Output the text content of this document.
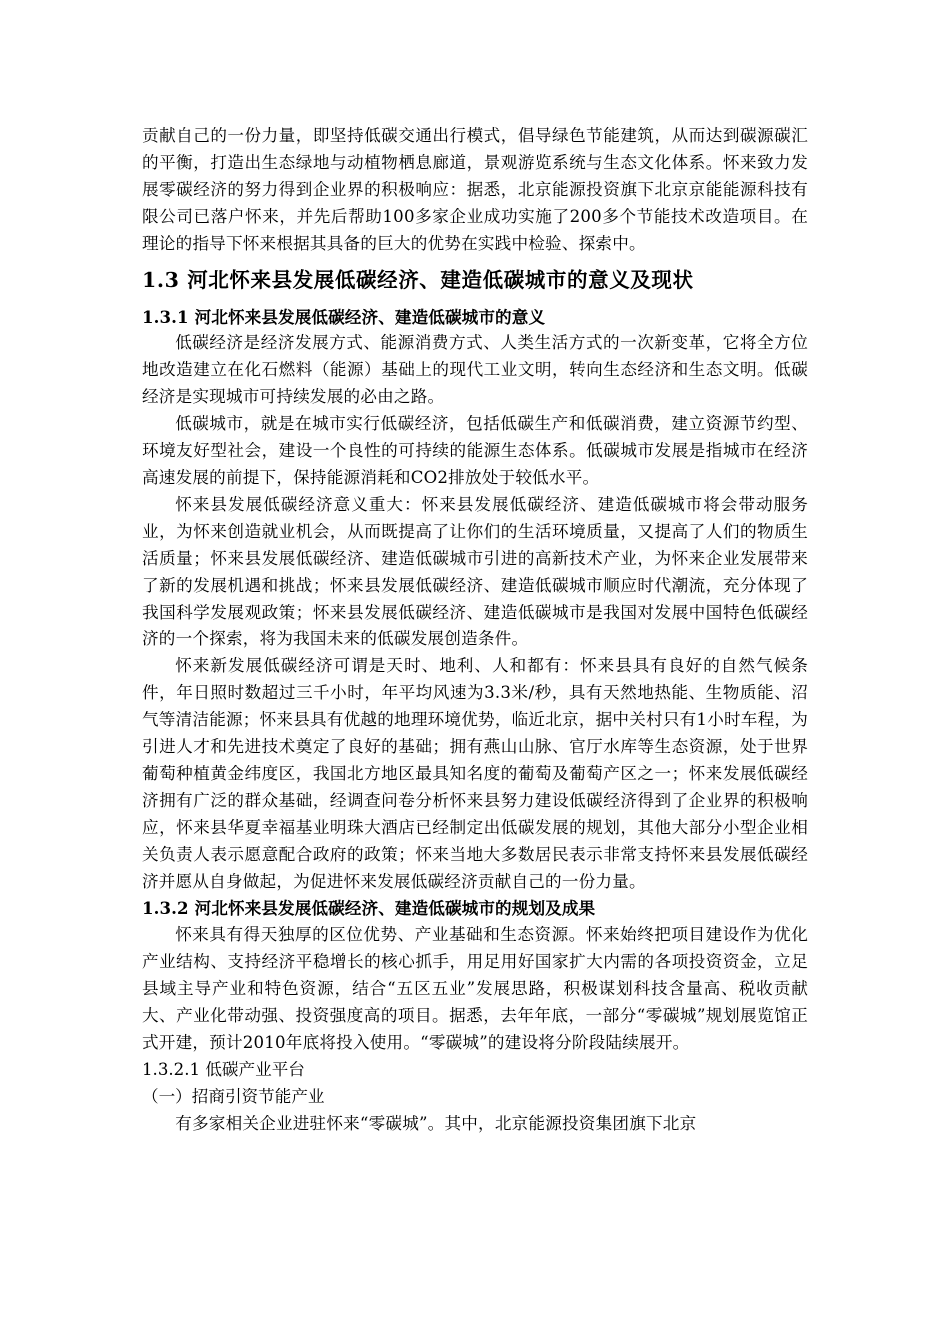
贡献自己的一份力量，即坚持低碳交通出行模式，倡导绿色节能建筑，从而达到碳源碳汇的平衡，打造出生态绿地与动植物栖息廊道，景观游览系统与生态文化体系。怀来致力发展零碳经济的努力得到企业界的积极响应：据悉，北京能源投资旗下北京京能能源科技有限公司已落户怀来，并先后帮助100多家企业成功实施了200多个节能技术改造项目。在理论的指导下怀来根据其具备的巨大的优势在实践中检验、探索中。

1.3 河北怀来县发展低碳经济、建造低碳城市的意义及现状
1.3.1 河北怀来县发展低碳经济、建造低碳城市的意义

低碳经济是经济发展方式、能源消费方式、人类生活方式的一次新变革，它将全方位地改造建立在化石燃料（能源）基础上的现代工业文明，转向生态经济和生态文明。低碳经济是实现城市可持续发展的必由之路。

低碳城市，就是在城市实行低碳经济，包括低碳生产和低碳消费，建立资源节约型、环境友好型社会，建设一个良性的可持续的能源生态体系。低碳城市发展是指城市在经济高速发展的前提下，保持能源消耗和CO2排放处于较低水平。

怀来县发展低碳经济意义重大：怀来县发展低碳经济、建造低碳城市将会带动服务业，为怀来创造就业机会，从而既提高了让你们的生活环境质量，又提高了人们的物质生活质量；怀来县发展低碳经济、建造低碳城市引进的高新技术产业，为怀来企业发展带来了新的发展机遇和挑战；怀来县发展低碳经济、建造低碳城市顺应时代潮流，充分体现了我国科学发展观政策；怀来县发展低碳经济、建造低碳城市是我国对发展中国特色低碳经济的一个探索，将为我国未来的低碳发展创造条件。

怀来新发展低碳经济可谓是天时、地利、人和都有：怀来县具有良好的自然气候条件，年日照时数超过三千小时，年平均风速为3.3米/秒，具有天然地热能、生物质能、沼气等清洁能源；怀来县具有优越的地理环境优势，临近北京，据中关村只有1小时车程，为引进人才和先进技术奠定了良好的基础；拥有燕山山脉、官厅水库等生态资源，处于世界葡萄种植黄金纬度区，我国北方地区最具知名度的葡萄及葡萄产区之一；怀来发展低碳经济拥有广泛的群众基础，经调查问卷分析怀来县努力建设低碳经济得到了企业界的积极响应，怀来县华夏幸福基业明珠大酒店已经制定出低碳发展的规划，其他大部分小型企业相关负责人表示愿意配合政府的政策；怀来当地大多数居民表示非常支持怀来县发展低碳经济并愿从自身做起，为促进怀来发展低碳经济贡献自己的一份力量。

1.3.2 河北怀来县发展低碳经济、建造低碳城市的规划及成果

怀来具有得天独厚的区位优势、产业基础和生态资源。怀来始终把项目建设作为优化产业结构、支持经济平稳增长的核心抓手，用足用好国家扩大内需的各项投资资金，立足县域主导产业和特色资源，结合“五区五业”发展思路，积极谋划科技含量高、税收贡献大、产业化带动强、投资强度高的项目。据悉，去年年底，一部分“零碳城”规划展览馆正式开建，预计2010年底将投入使用。“零碳城”的建设将分阶段陆续展开。

1.3.2.1 低碳产业平台
（一）招商引资节能产业

有多家相关企业进驻怀来“零碳城”。其中，北京能源投资集团旗下北京
